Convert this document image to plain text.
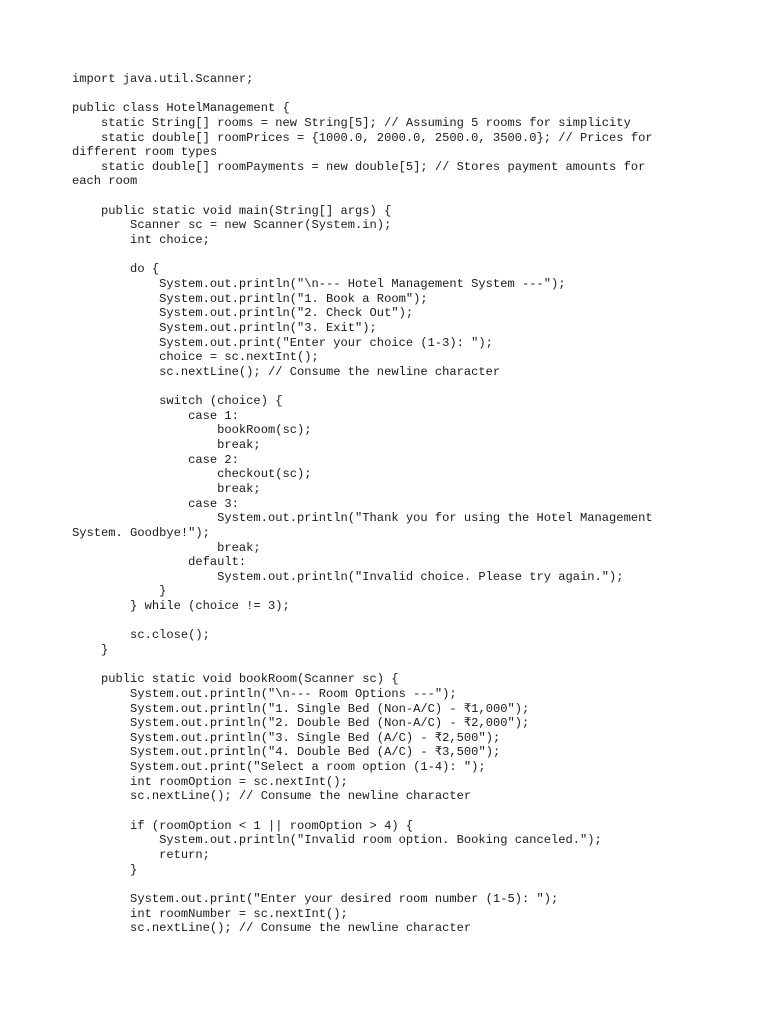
import java.util.Scanner;
public class HotelManagement {
static String[] rooms = new String[5]; // Assuming 5 rooms for simplicity
static double[] roomPrices = {1000.0, 2000.0, 2500.0, 3500.0}; // Prices for
different room types
static double[] roomPayments = new double[5]; // Stores payment amounts for
each room
public static void main(String[] args) {
Scanner sc = new Scanner(System.in);
int choice;
do {
System.out.println("\n--- Hotel Management System ---");
System.out.println("1. Book a Room");
System.out.println("2. Check Out");
System.out.println("3. Exit");
System.out.print("Enter your choice (1-3): ");
choice = sc.nextInt();
sc.nextLine(); // Consume the newline character
switch (choice) {
case 1:
bookRoom(sc);
break;
case 2:
checkout(sc);
break;
case 3:
System.out.println("Thank you for using the Hotel Management
System. Goodbye!");
break;
default:
System.out.println("Invalid choice. Please try again.");
}
} while (choice != 3);
sc.close();
}
public static void bookRoom(Scanner sc) {
System.out.println("\n--- Room Options ---");
System.out.println("1. Single Bed (Non-A/C) - ₹1,000");
System.out.println("2. Double Bed (Non-A/C) - ₹2,000");
System.out.println("3. Single Bed (A/C) - ₹2,500");
System.out.println("4. Double Bed (A/C) - ₹3,500");
System.out.print("Select a room option (1-4): ");
int roomOption = sc.nextInt();
sc.nextLine(); // Consume the newline character
if (roomOption < 1 || roomOption > 4) {
System.out.println("Invalid room option. Booking canceled.");
return;
}
System.out.print("Enter your desired room number (1-5): ");
int roomNumber = sc.nextInt();
sc.nextLine(); // Consume the newline character
